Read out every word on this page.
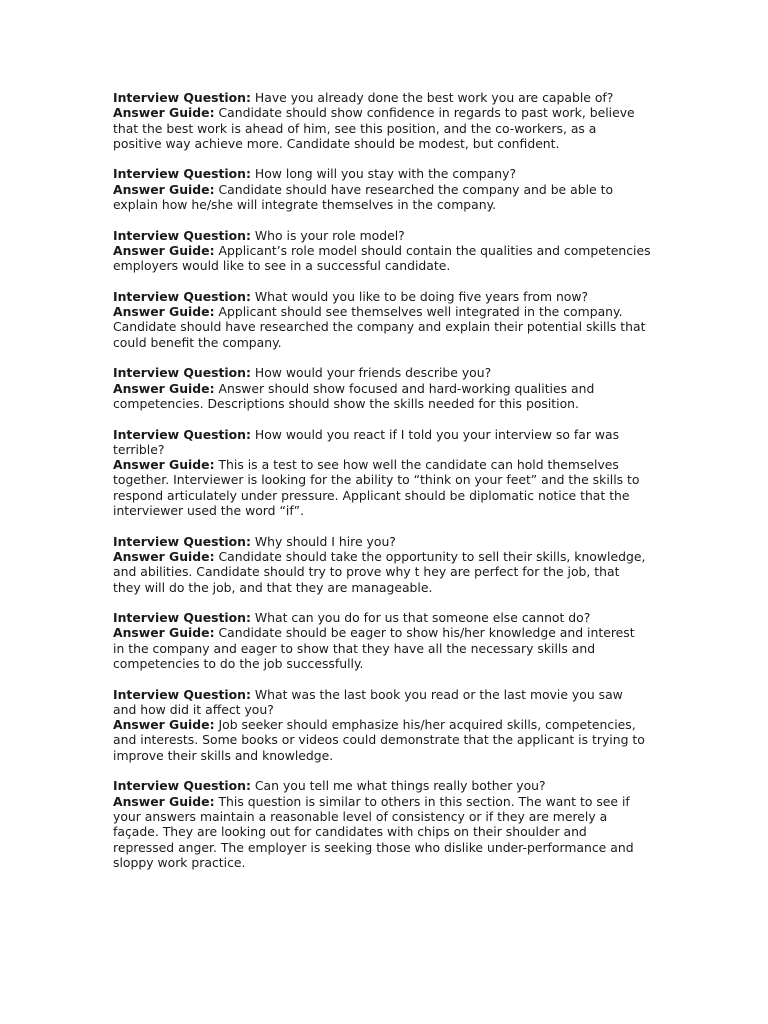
Interview Question: Have you already done the best work you are capable of?
Answer Guide: Candidate should show confidence in regards to past work, believe
that the best work is ahead of him, see this position, and the co-workers, as a
positive way achieve more. Candidate should be modest, but confident.
Interview Question: How long will you stay with the company?
Answer Guide: Candidate should have researched the company and be able to
explain how he/she will integrate themselves in the company.
Interview Question: Who is your role model?
Answer Guide: Applicant’s role model should contain the qualities and competencies
employers would like to see in a successful candidate.
Interview Question: What would you like to be doing five years from now?
Answer Guide: Applicant should see themselves well integrated in the company.
Candidate should have researched the company and explain their potential skills that
could benefit the company.
Interview Question: How would your friends describe you?
Answer Guide: Answer should show focused and hard-working qualities and
competencies. Descriptions should show the skills needed for this position.
Interview Question: How would you react if I told you your interview so far was
terrible?
Answer Guide: This is a test to see how well the candidate can hold themselves
together. Interviewer is looking for the ability to “think on your feet” and the skills to
respond articulately under pressure. Applicant should be diplomatic notice that the
interviewer used the word “if”.
Interview Question: Why should I hire you?
Answer Guide: Candidate should take the opportunity to sell their skills, knowledge,
and abilities. Candidate should try to prove why t hey are perfect for the job, that
they will do the job, and that they are manageable.
Interview Question: What can you do for us that someone else cannot do?
Answer Guide: Candidate should be eager to show his/her knowledge and interest
in the company and eager to show that they have all the necessary skills and
competencies to do the job successfully.
Interview Question: What was the last book you read or the last movie you saw
and how did it affect you?
Answer Guide: Job seeker should emphasize his/her acquired skills, competencies,
and interests. Some books or videos could demonstrate that the applicant is trying to
improve their skills and knowledge.
Interview Question: Can you tell me what things really bother you?
Answer Guide: This question is similar to others in this section. The want to see if
your answers maintain a reasonable level of consistency or if they are merely a
façade. They are looking out for candidates with chips on their shoulder and
repressed anger. The employer is seeking those who dislike under-performance and
sloppy work practice.
